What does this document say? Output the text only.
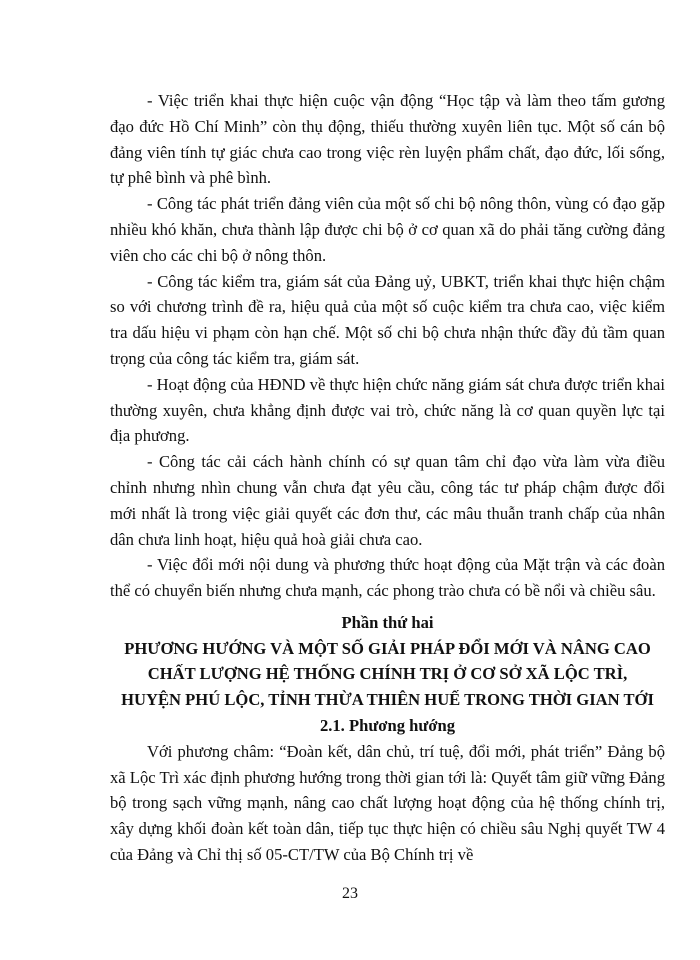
- Việc triển khai thực hiện cuộc vận động “Học tập và làm theo tấm gương đạo đức Hồ Chí Minh” còn thụ động, thiếu thường xuyên liên tục. Một số cán bộ đảng viên tính tự giác chưa cao trong việc rèn luyện phẩm chất, đạo đức, lối sống, tự phê bình và phê bình.

- Công tác phát triển đảng viên của một số chi bộ nông thôn, vùng có đạo gặp nhiều khó khăn, chưa thành lập được chi bộ ở cơ quan xã do phải tăng cường đảng viên cho các chi bộ ở nông thôn.

- Công tác kiểm tra, giám sát của Đảng uỷ, UBKT, triển khai thực hiện chậm so với chương trình đề ra, hiệu quả của một số cuộc kiểm tra chưa cao, việc kiểm tra dấu hiệu vi phạm còn hạn chế. Một số chi bộ chưa nhận thức đầy đủ tầm quan trọng của công tác kiểm tra, giám sát.

- Hoạt động của HĐND về thực hiện chức năng giám sát chưa được triển khai thường xuyên, chưa khẳng định được vai trò, chức năng là cơ quan quyền lực tại địa phương.

- Công tác cải cách hành chính có sự quan tâm chỉ đạo vừa làm vừa điều chỉnh nhưng nhìn chung vẫn chưa đạt yêu cầu, công tác tư pháp chậm được đổi mới nhất là trong việc giải quyết các đơn thư, các mâu thuẫn tranh chấp của nhân dân chưa linh hoạt, hiệu quả hoà giải chưa cao.

- Việc đổi mới nội dung và phương thức hoạt động của Mặt trận và các đoàn thể có chuyển biến nhưng chưa mạnh, các phong trào chưa có bề nổi và chiều sâu.

Phần thứ hai

PHƯƠNG HƯỚNG VÀ MỘT SỐ GIẢI PHÁP ĐỔI MỚI VÀ NÂNG CAO

CHẤT LƯỢNG HỆ THỐNG CHÍNH TRỊ Ở CƠ SỞ XÃ LỘC TRÌ,

HUYỆN PHÚ LỘC, TỈNH THỪA THIÊN HUẾ TRONG THỜI GIAN TỚI

2.1. Phương hướng

Với phương châm: “Đoàn kết, dân chủ, trí tuệ, đổi mới, phát triển” Đảng bộ xã Lộc Trì xác định phương hướng trong thời gian tới là: Quyết tâm giữ vững Đảng bộ trong sạch vững mạnh, nâng cao chất lượng hoạt động của hệ thống chính trị, xây dựng khối đoàn kết toàn dân, tiếp tục thực hiện có chiều sâu Nghị quyết TW 4 của Đảng và Chỉ thị số 05-CT/TW của Bộ Chính trị về

23
